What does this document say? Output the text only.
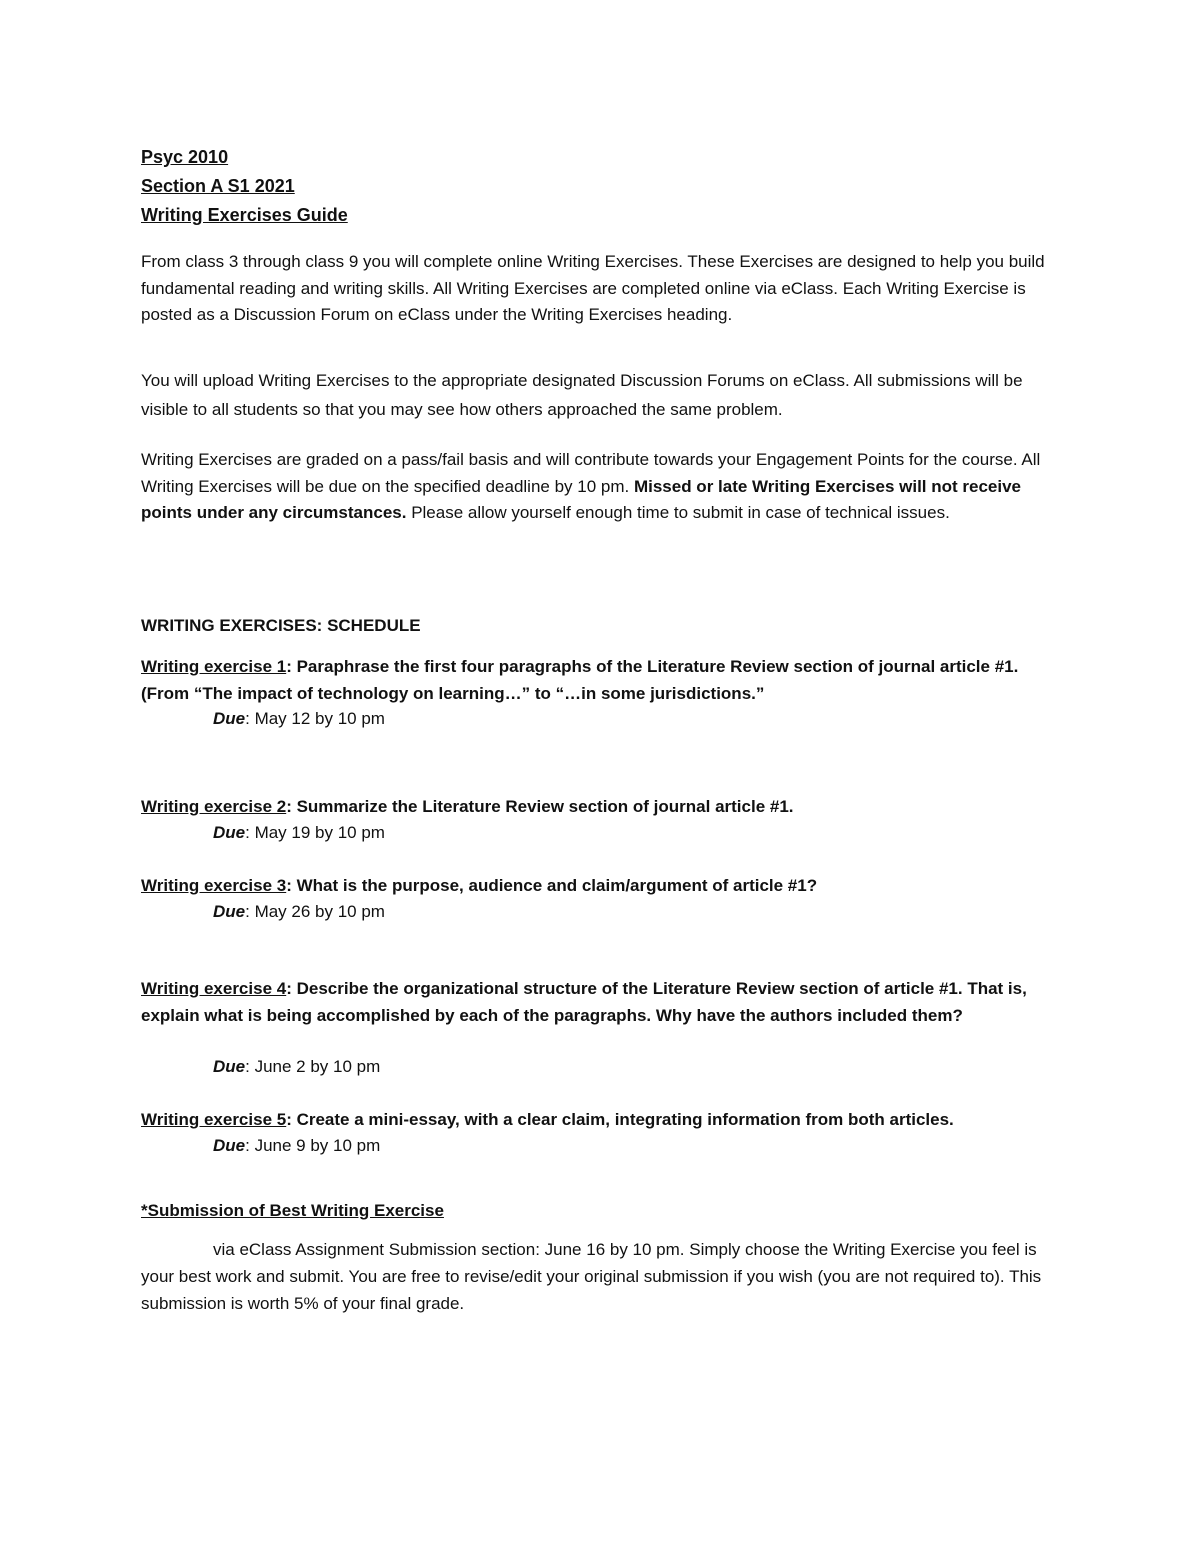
Psyc 2010
Section A S1 2021
Writing Exercises Guide
From class 3 through class 9 you will complete online Writing Exercises. These Exercises are designed to help you build fundamental reading and writing skills. All Writing Exercises are completed online via eClass. Each Writing Exercise is posted as a Discussion Forum on eClass under the Writing Exercises heading.
You will upload Writing Exercises to the appropriate designated Discussion Forums on eClass. All submissions will be visible to all students so that you may see how others approached the same problem.
Writing Exercises are graded on a pass/fail basis and will contribute towards your Engagement Points for the course. All Writing Exercises will be due on the specified deadline by 10 pm. Missed or late Writing Exercises will not receive points under any circumstances. Please allow yourself enough time to submit in case of technical issues.
WRITING EXERCISES: SCHEDULE
Writing exercise 1: Paraphrase the first four paragraphs of the Literature Review section of journal article #1. (From “The impact of technology on learning…” to “…in some jurisdictions.”
Due: May 12 by 10 pm
Writing exercise 2: Summarize the Literature Review section of journal article #1.
Due: May 19 by 10 pm
Writing exercise 3: What is the purpose, audience and claim/argument of article #1?
Due: May 26 by 10 pm
Writing exercise 4: Describe the organizational structure of the Literature Review section of article #1. That is, explain what is being accomplished by each of the paragraphs. Why have the authors included them?
Due: June 2 by 10 pm
Writing exercise 5: Create a mini-essay, with a clear claim, integrating information from both articles.
Due: June 9 by 10 pm
*Submission of Best Writing Exercise
via eClass Assignment Submission section: June 16 by 10 pm. Simply choose the Writing Exercise you feel is your best work and submit. You are free to revise/edit your original submission if you wish (you are not required to). This submission is worth 5% of your final grade.
